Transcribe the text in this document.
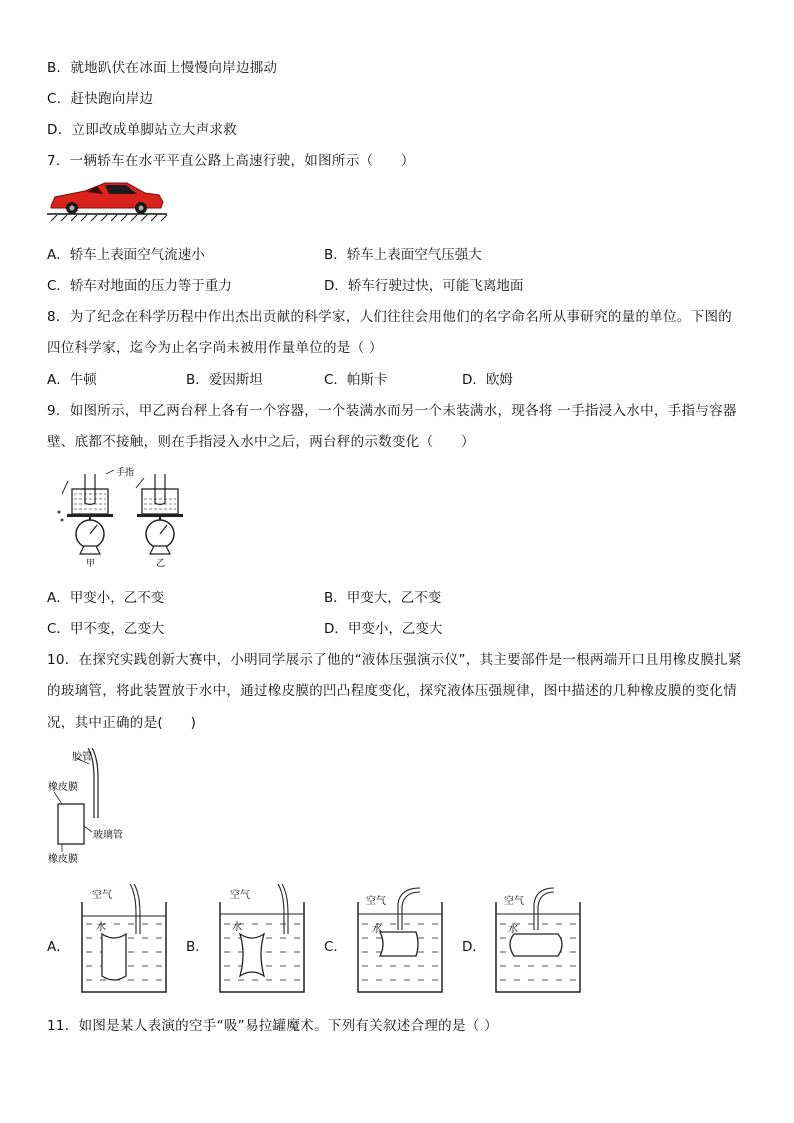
B．就地趴伏在冰面上慢慢向岸边挪动
C．赶快跑向岸边
D．立即改成单脚站立大声求救
7．一辆轿车在水平平直公路上高速行驶，如图所示（　　）
A．轿车上表面空气流速小	B．轿车上表面空气压强大
C．轿车对地面的压力等于重力	D．轿车行驶过快，可能飞离地面
8．为了纪念在科学历程中作出杰出贡献的科学家，人们往往会用他们的名字命名所从事研究的量的单位。下图的
四位科学家，迄今为止名字尚未被用作量单位的是（ ）
A．牛顿	B．爱因斯坦	C．帕斯卡	D．欧姆
9．如图所示，甲乙两台秤上各有一个容器，一个装满水而另一个未装满水，现各将 一手指浸入水中，手指与容器
壁、底都不接触，则在手指浸入水中之后，两台秤的示数变化（　　）
手指
甲	乙
A．甲变小，乙不变	B．甲变大，乙不变
C．甲不变，乙变大	D．甲变小，乙变大
10．在探究实践创新大赛中，小明同学展示了他的“液体压强演示仪”，其主要部件是一根两端开口且用橡皮膜扎紧
的玻璃管，将此装置放于水中，通过橡皮膜的凹凸程度变化，探究液体压强规律，图中描述的几种橡皮膜的变化情
况，其中正确的是(　　)
胶管
橡皮膜
玻璃管
橡皮膜
A．
空气
水
B．
空气
水
C．
空气
水
D．
空气
水
11．如图是某人表演的空手“吸”易拉罐魔术。下列有关叙述合理的是（ ）
